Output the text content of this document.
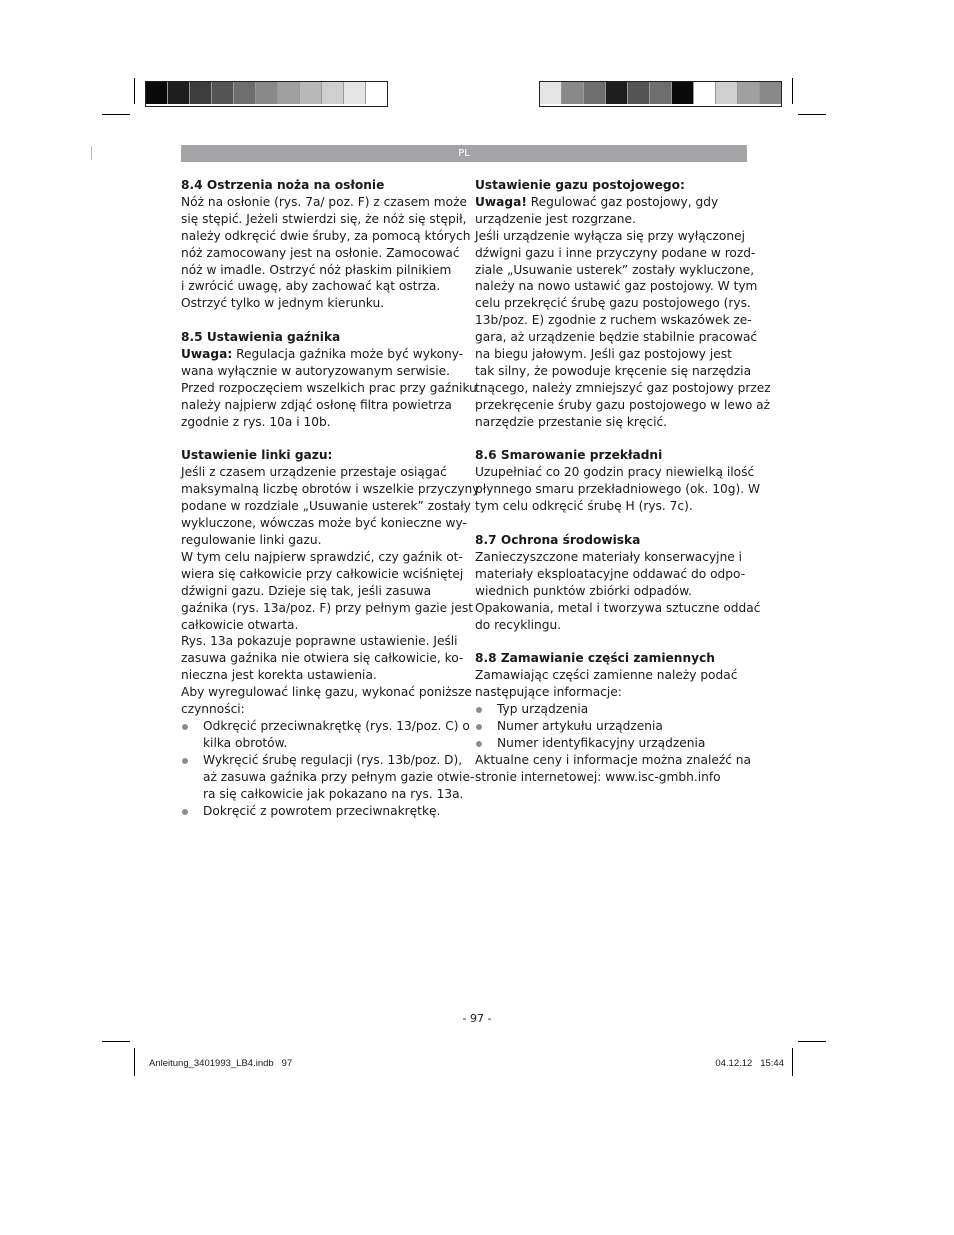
PL
8.4 Ostrzenia noża na osłonie
Nóż na osłonie (rys. 7a/ poz. F) z czasem może
się stępić. Jeżeli stwierdzi się, że nóż się stępił,
należy odkręcić dwie śruby, za pomocą których
nóż zamocowany jest na osłonie. Zamocować
nóż w imadle. Ostrzyć nóż płaskim pilnikiem
i zwrócić uwagę, aby zachować kąt ostrza.
Ostrzyć tylko w jednym kierunku.
8.5 Ustawienia gaźnika
Uwaga: Regulacja gaźnika może być wykony-
wana wyłącznie w autoryzowanym serwisie.
Przed rozpoczęciem wszelkich prac przy gaźniku
należy najpierw zdjąć osłonę filtra powietrza
zgodnie z rys. 10a i 10b.
Ustawienie linki gazu:
Jeśli z czasem urządzenie przestaje osiągać
maksymalną liczbę obrotów i wszelkie przyczyny
podane w rozdziale „Usuwanie usterek” zostały
wykluczone, wówczas może być konieczne wy-
regulowanie linki gazu.
W tym celu najpierw sprawdzić, czy gaźnik ot-
wiera się całkowicie przy całkowicie wciśniętej
dźwigni gazu. Dzieje się tak, jeśli zasuwa
gaźnika (rys. 13a/poz. F) przy pełnym gazie jest
całkowicie otwarta.
Rys. 13a pokazuje poprawne ustawienie. Jeśli
zasuwa gaźnika nie otwiera się całkowicie, ko-
nieczna jest korekta ustawienia.
Aby wyregulować linkę gazu, wykonać poniższe
czynności:
Odkręcić przeciwnakrętkę (rys. 13/poz. C) o
kilka obrotów.
Wykręcić śrubę regulacji (rys. 13b/poz. D),
aż zasuwa gaźnika przy pełnym gazie otwie-
ra się całkowicie jak pokazano na rys. 13a.
Dokręcić z powrotem przeciwnakrętkę.
Ustawienie gazu postojowego:
Uwaga! Regulować gaz postojowy, gdy
urządzenie jest rozgrzane.
Jeśli urządzenie wyłącza się przy wyłączonej
dźwigni gazu i inne przyczyny podane w rozd-
ziale „Usuwanie usterek” zostały wykluczone,
należy na nowo ustawić gaz postojowy. W tym
celu przekręcić śrubę gazu postojowego (rys.
13b/poz. E) zgodnie z ruchem wskazówek ze-
gara, aż urządzenie będzie stabilnie pracować
na biegu jałowym. Jeśli gaz postojowy jest
tak silny, że powoduje kręcenie się narzędzia
tnącego, należy zmniejszyć gaz postojowy przez
przekręcenie śruby gazu postojowego w lewo aż
narzędzie przestanie się kręcić.
8.6 Smarowanie przekładni
Uzupełniać co 20 godzin pracy niewielką ilość
płynnego smaru przekładniowego (ok. 10g). W
tym celu odkręcić śrubę H (rys. 7c).
8.7 Ochrona środowiska
Zanieczyszczone materiały konserwacyjne i
materiały eksploatacyjne oddawać do odpo-
wiednich punktów zbiórki odpadów.
Opakowania, metal i tworzywa sztuczne oddać
do recyklingu.
8.8 Zamawianie części zamiennych
Zamawiając części zamienne należy podać
następujące informacje:
Typ urządzenia
Numer artykułu urządzenia
Numer identyfikacyjny urządzenia
Aktualne ceny i informacje można znaleźć na
stronie internetowej: www.isc-gmbh.info
- 97 -
Anleitung_3401993_LB4.indb   97	04.12.12   15:44
